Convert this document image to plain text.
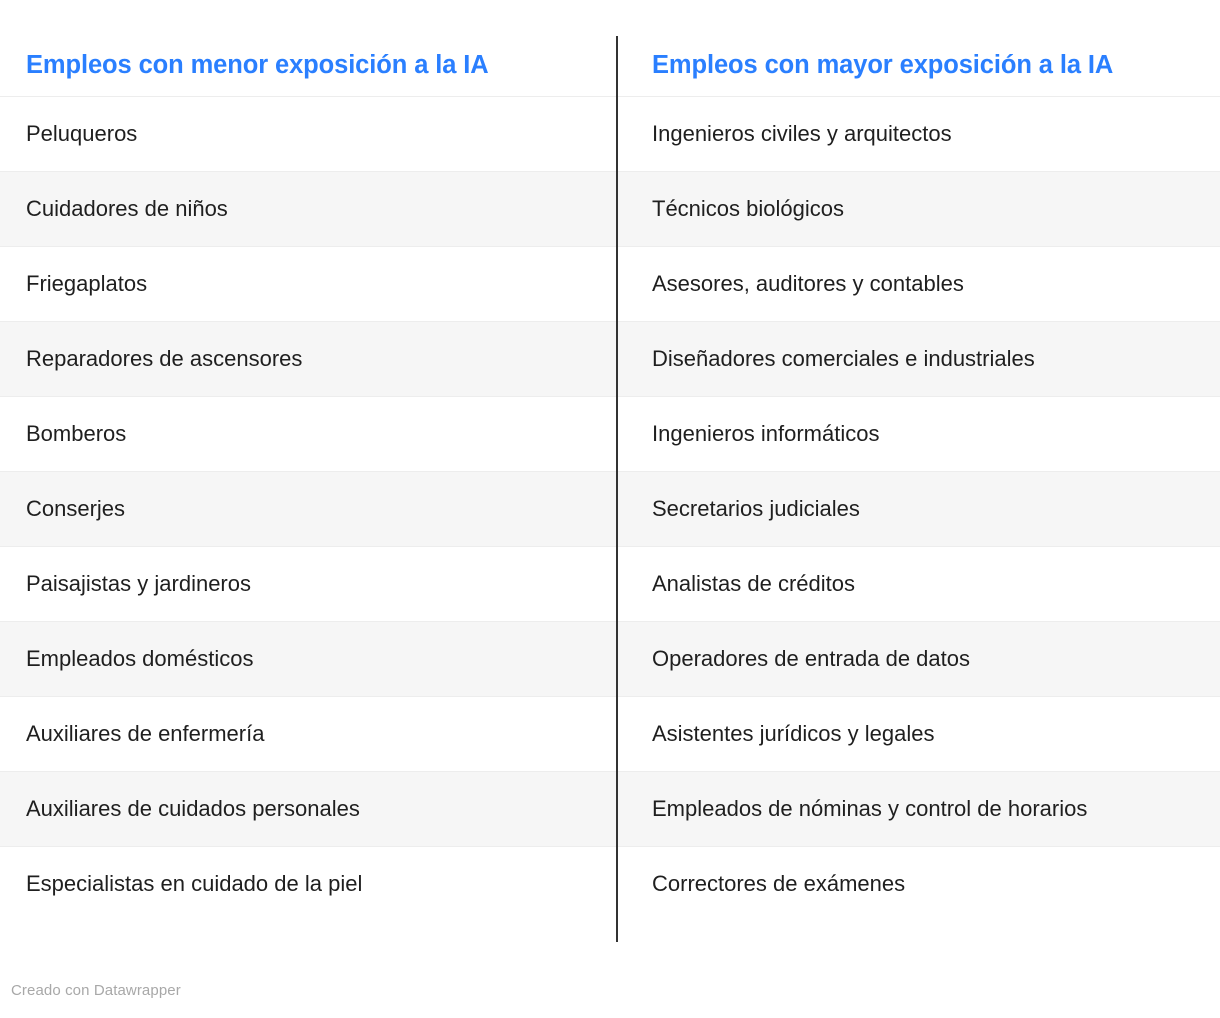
Empleos con menor exposición a la IA	Empleos con mayor exposición a la IA
Peluqueros	Ingenieros civiles y arquitectos
Cuidadores de niños	Técnicos biológicos
Friegaplatos	Asesores, auditores y contables
Reparadores de ascensores	Diseñadores comerciales e industriales
Bomberos	Ingenieros informáticos
Conserjes	Secretarios judiciales
Paisajistas y jardineros	Analistas de créditos
Empleados domésticos	Operadores de entrada de datos
Auxiliares de enfermería	Asistentes jurídicos y legales
Auxiliares de cuidados personales	Empleados de nóminas y control de horarios
Especialistas en cuidado de la piel	Correctores de exámenes
Creado con Datawrapper
